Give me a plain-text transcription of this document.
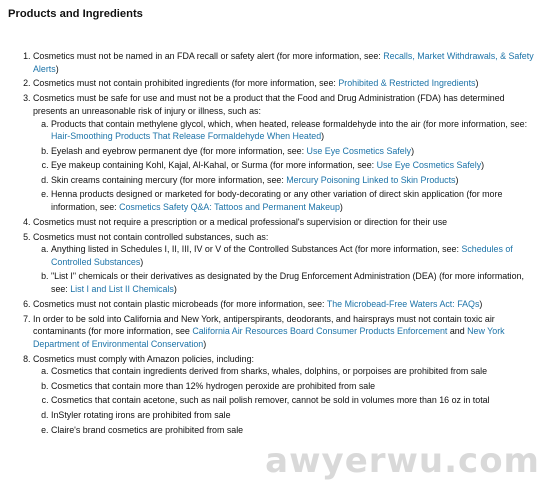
Products and Ingredients
1. Cosmetics must not be named in an FDA recall or safety alert (for more information, see: Recalls, Market Withdrawals, & Safety Alerts)
2. Cosmetics must not contain prohibited ingredients (for more information, see: Prohibited & Restricted Ingredients)
3. Cosmetics must be safe for use and must not be a product that the Food and Drug Administration (FDA) has determined presents an unreasonable risk of injury or illness, such as:
a. Products that contain methylene glycol, which, when heated, release formaldehyde into the air (for more information, see: Hair-Smoothing Products That Release Formaldehyde When Heated)
b. Eyelash and eyebrow permanent dye (for more information, see: Use Eye Cosmetics Safely)
c. Eye makeup containing Kohl, Kajal, Al-Kahal, or Surma (for more information, see: Use Eye Cosmetics Safely)
d. Skin creams containing mercury (for more information, see: Mercury Poisoning Linked to Skin Products)
e. Henna products designed or marketed for body-decorating or any other variation of direct skin application (for more information, see: Cosmetics Safety Q&A: Tattoos and Permanent Makeup)
4. Cosmetics must not require a prescription or a medical professional's supervision or direction for their use
5. Cosmetics must not contain controlled substances, such as:
a. Anything listed in Schedules I, II, III, IV or V of the Controlled Substances Act (for more information, see: Schedules of Controlled Substances)
b. "List I" chemicals or their derivatives as designated by the Drug Enforcement Administration (DEA) (for more information, see: List I and List II Chemicals)
6. Cosmetics must not contain plastic microbeads (for more information, see: The Microbead-Free Waters Act: FAQs)
7. In order to be sold into California and New York, antiperspirants, deodorants, and hairsprays must not contain toxic air contaminants (for more information, see California Air Resources Board Consumer Products Enforcement and New York Department of Environmental Conservation)
8. Cosmetics must comply with Amazon policies, including:
a. Cosmetics that contain ingredients derived from sharks, whales, dolphins, or porpoises are prohibited from sale
b. Cosmetics that contain more than 12% hydrogen peroxide are prohibited from sale
c. Cosmetics that contain acetone, such as nail polish remover, cannot be sold in volumes more than 16 oz in total
d. InStyler rotating irons are prohibited from sale
e. Claire's brand cosmetics are prohibited from sale
awyerwu.com
